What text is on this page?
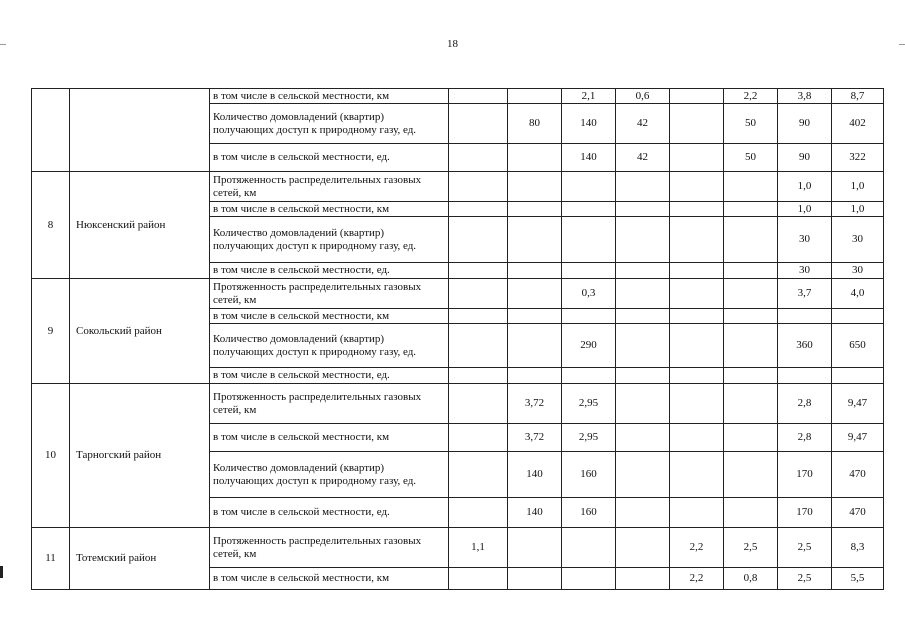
18
		в том числе в сельской местности, км			2,1	0,6		2,2	3,8	8,7
		Количество домовладений (квартир) получающих доступ к природному газу, ед.		80	140	42		50	90	402
		в том числе в сельской местности, ед.			140	42		50	90	322
8	Нюксенский район	Протяженность распределительных газовых сетей, км							1,0	1,0
		в том числе в сельской местности, км							1,0	1,0
		Количество домовладений (квартир) получающих доступ к природному газу, ед.							30	30
		в том числе в сельской местности, ед.							30	30
9	Сокольский район	Протяженность распределительных газовых сетей, км			0,3				3,7	4,0
		в том числе в сельской местности, км								
		Количество домовладений (квартир) получающих доступ к природному газу, ед.			290				360	650
		в том числе в сельской местности, ед.								
10	Тарногский район	Протяженность распределительных газовых сетей, км		3,72	2,95				2,8	9,47
		в том числе в сельской местности, км		3,72	2,95				2,8	9,47
		Количество домовладений (квартир) получающих доступ к природному газу, ед.		140	160				170	470
		в том числе в сельской местности, ед.		140	160				170	470
11	Тотемский район	Протяженность распределительных газовых сетей, км	1,1				2,2	2,5	2,5	8,3
		в том числе в сельской местности, км					2,2	0,8	2,5	5,5
